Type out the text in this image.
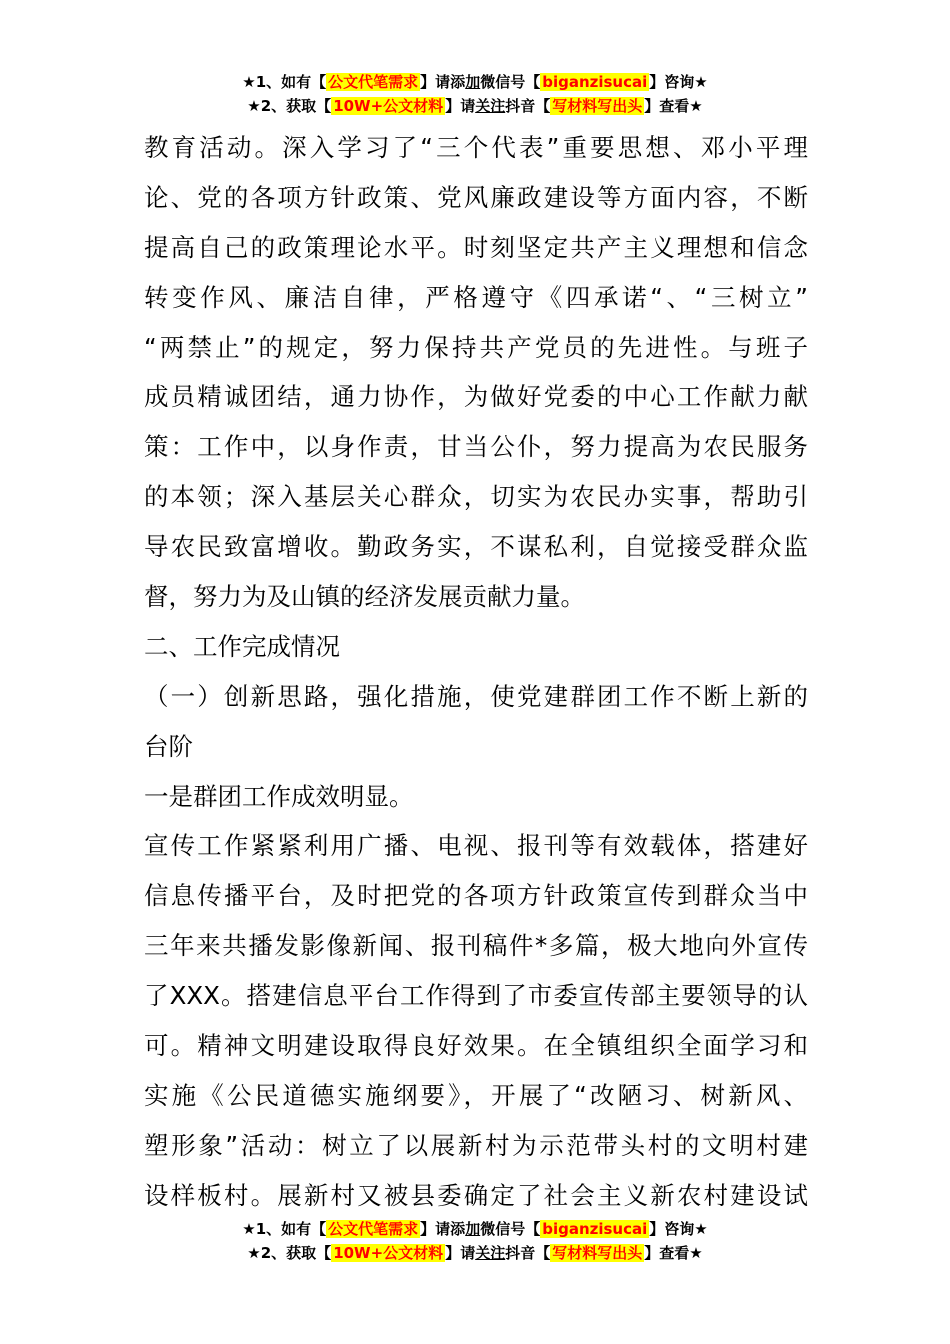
★1、如有【 公文代笔需求 】请添加微信号【 biganzisucai 】咨询★
★2、获取【 10W+公文材料 】请关注抖音【 写材料写出头 】查看★
教育活动。深入学习了“三个代表”重要思想、邓小平理
论、党的各项方针政策、党风廉政建设等方面内容，不断
提高自己的政策理论水平。时刻坚定共产主义理想和信念
转变作风、廉洁自律，严格遵守《四承诺“、“三树立”
“两禁止”的规定，努力保持共产党员的先进性。与班子
成员精诚团结，通力协作，为做好党委的中心工作献力献
策：工作中，以身作责，甘当公仆，努力提高为农民服务
的本领；深入基层关心群众，切实为农民办实事，帮助引
导农民致富增收。勤政务实，不谋私利，自觉接受群众监
督，努力为及山镇的经济发展贡献力量。
二、工作完成情况
（一）创新思路，强化措施，使党建群团工作不断上新的
台阶
一是群团工作成效明显。
宣传工作紧紧利用广播、电视、报刊等有效载体，搭建好
信息传播平台，及时把党的各项方针政策宣传到群众当中
三年来共播发影像新闻、报刊稿件*多篇，极大地向外宣传
了XXX。搭建信息平台工作得到了市委宣传部主要领导的认
可。精神文明建设取得良好效果。在全镇组织全面学习和
实施《公民道德实施纲要》，开展了“改陋习、树新风、
塑形象”活动：树立了以展新村为示范带头村的文明村建
设样板村。展新村又被县委确定了社会主义新农村建设试
★1、如有【 公文代笔需求 】请添加微信号【 biganzisucai 】咨询★
★2、获取【 10W+公文材料 】请关注抖音【 写材料写出头 】查看★
